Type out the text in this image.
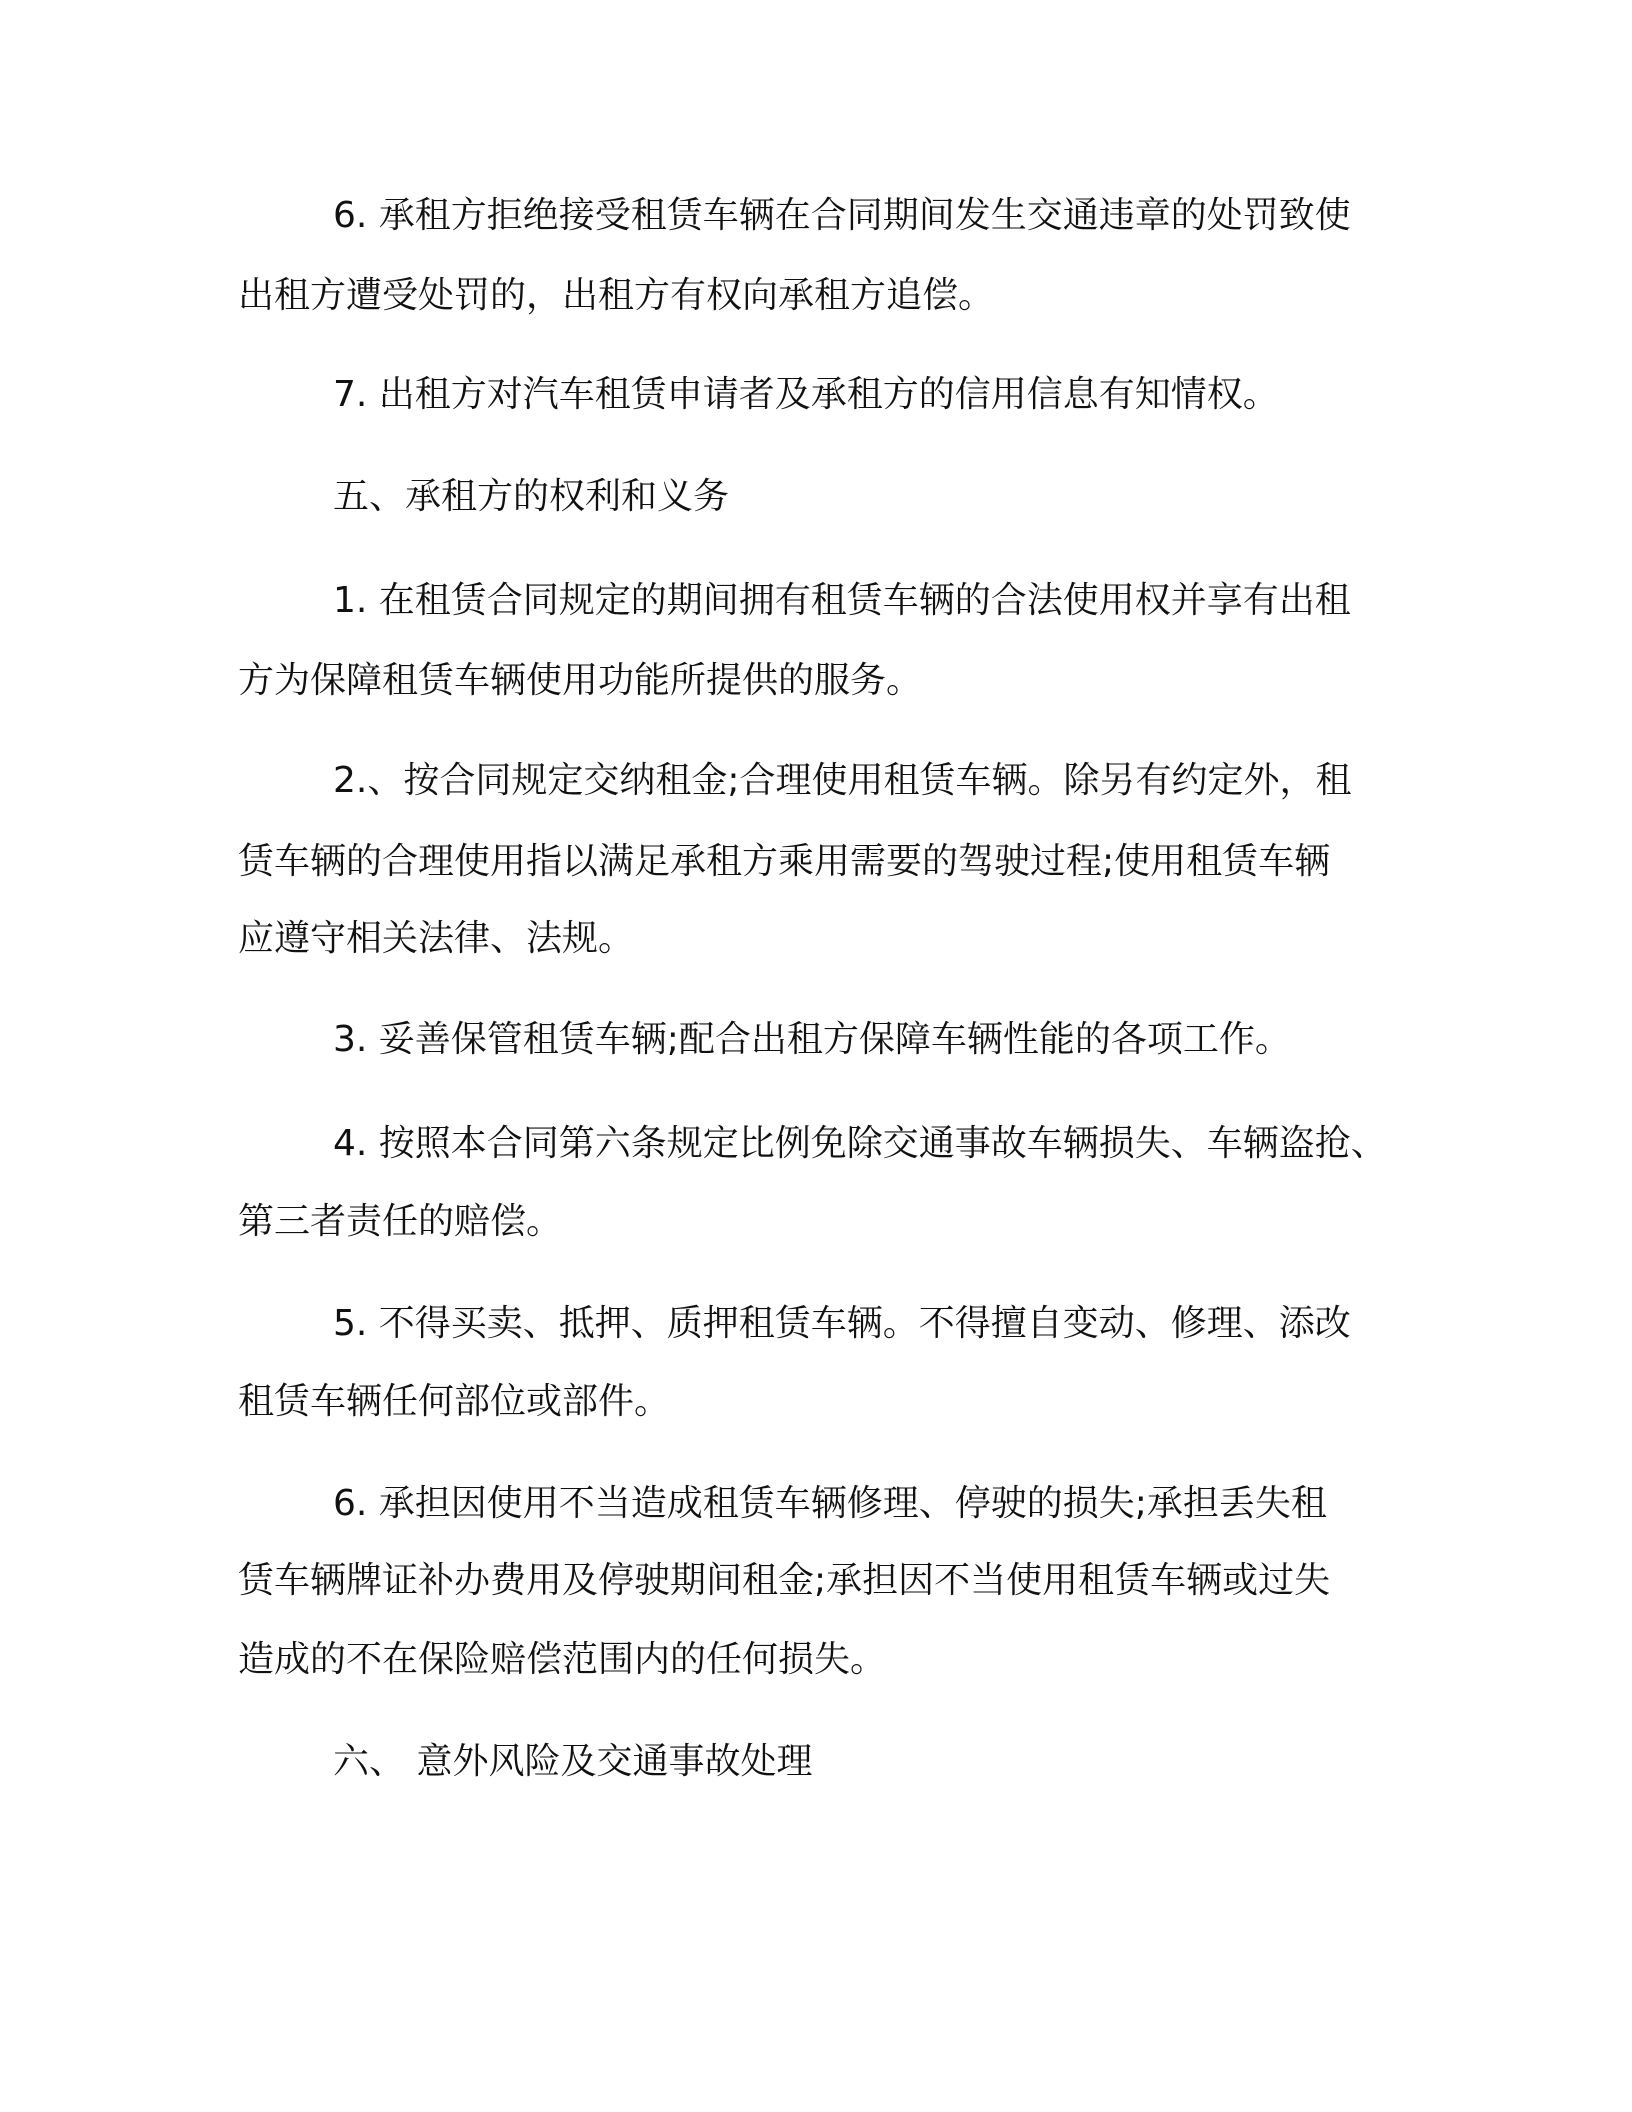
6. 承租方拒绝接受租赁车辆在合同期间发生交通违章的处罚致使

出租方遭受处罚的，出租方有权向承租方追偿。

7. 出租方对汽车租赁申请者及承租方的信用信息有知情权。

五、承租方的权利和义务

1. 在租赁合同规定的期间拥有租赁车辆的合法使用权并享有出租

方为保障租赁车辆使用功能所提供的服务。

2.、按合同规定交纳租金;合理使用租赁车辆。除另有约定外，租

赁车辆的合理使用指以满足承租方乘用需要的驾驶过程;使用租赁车辆

应遵守相关法律、法规。

3. 妥善保管租赁车辆;配合出租方保障车辆性能的各项工作。

4. 按照本合同第六条规定比例免除交通事故车辆损失、车辆盗抢、

第三者责任的赔偿。

5. 不得买卖、抵押、质押租赁车辆。不得擅自变动、修理、添改

租赁车辆任何部位或部件。

6. 承担因使用不当造成租赁车辆修理、停驶的损失;承担丢失租

赁车辆牌证补办费用及停驶期间租金;承担因不当使用租赁车辆或过失

造成的不在保险赔偿范围内的任何损失。

六、 意外风险及交通事故处理
